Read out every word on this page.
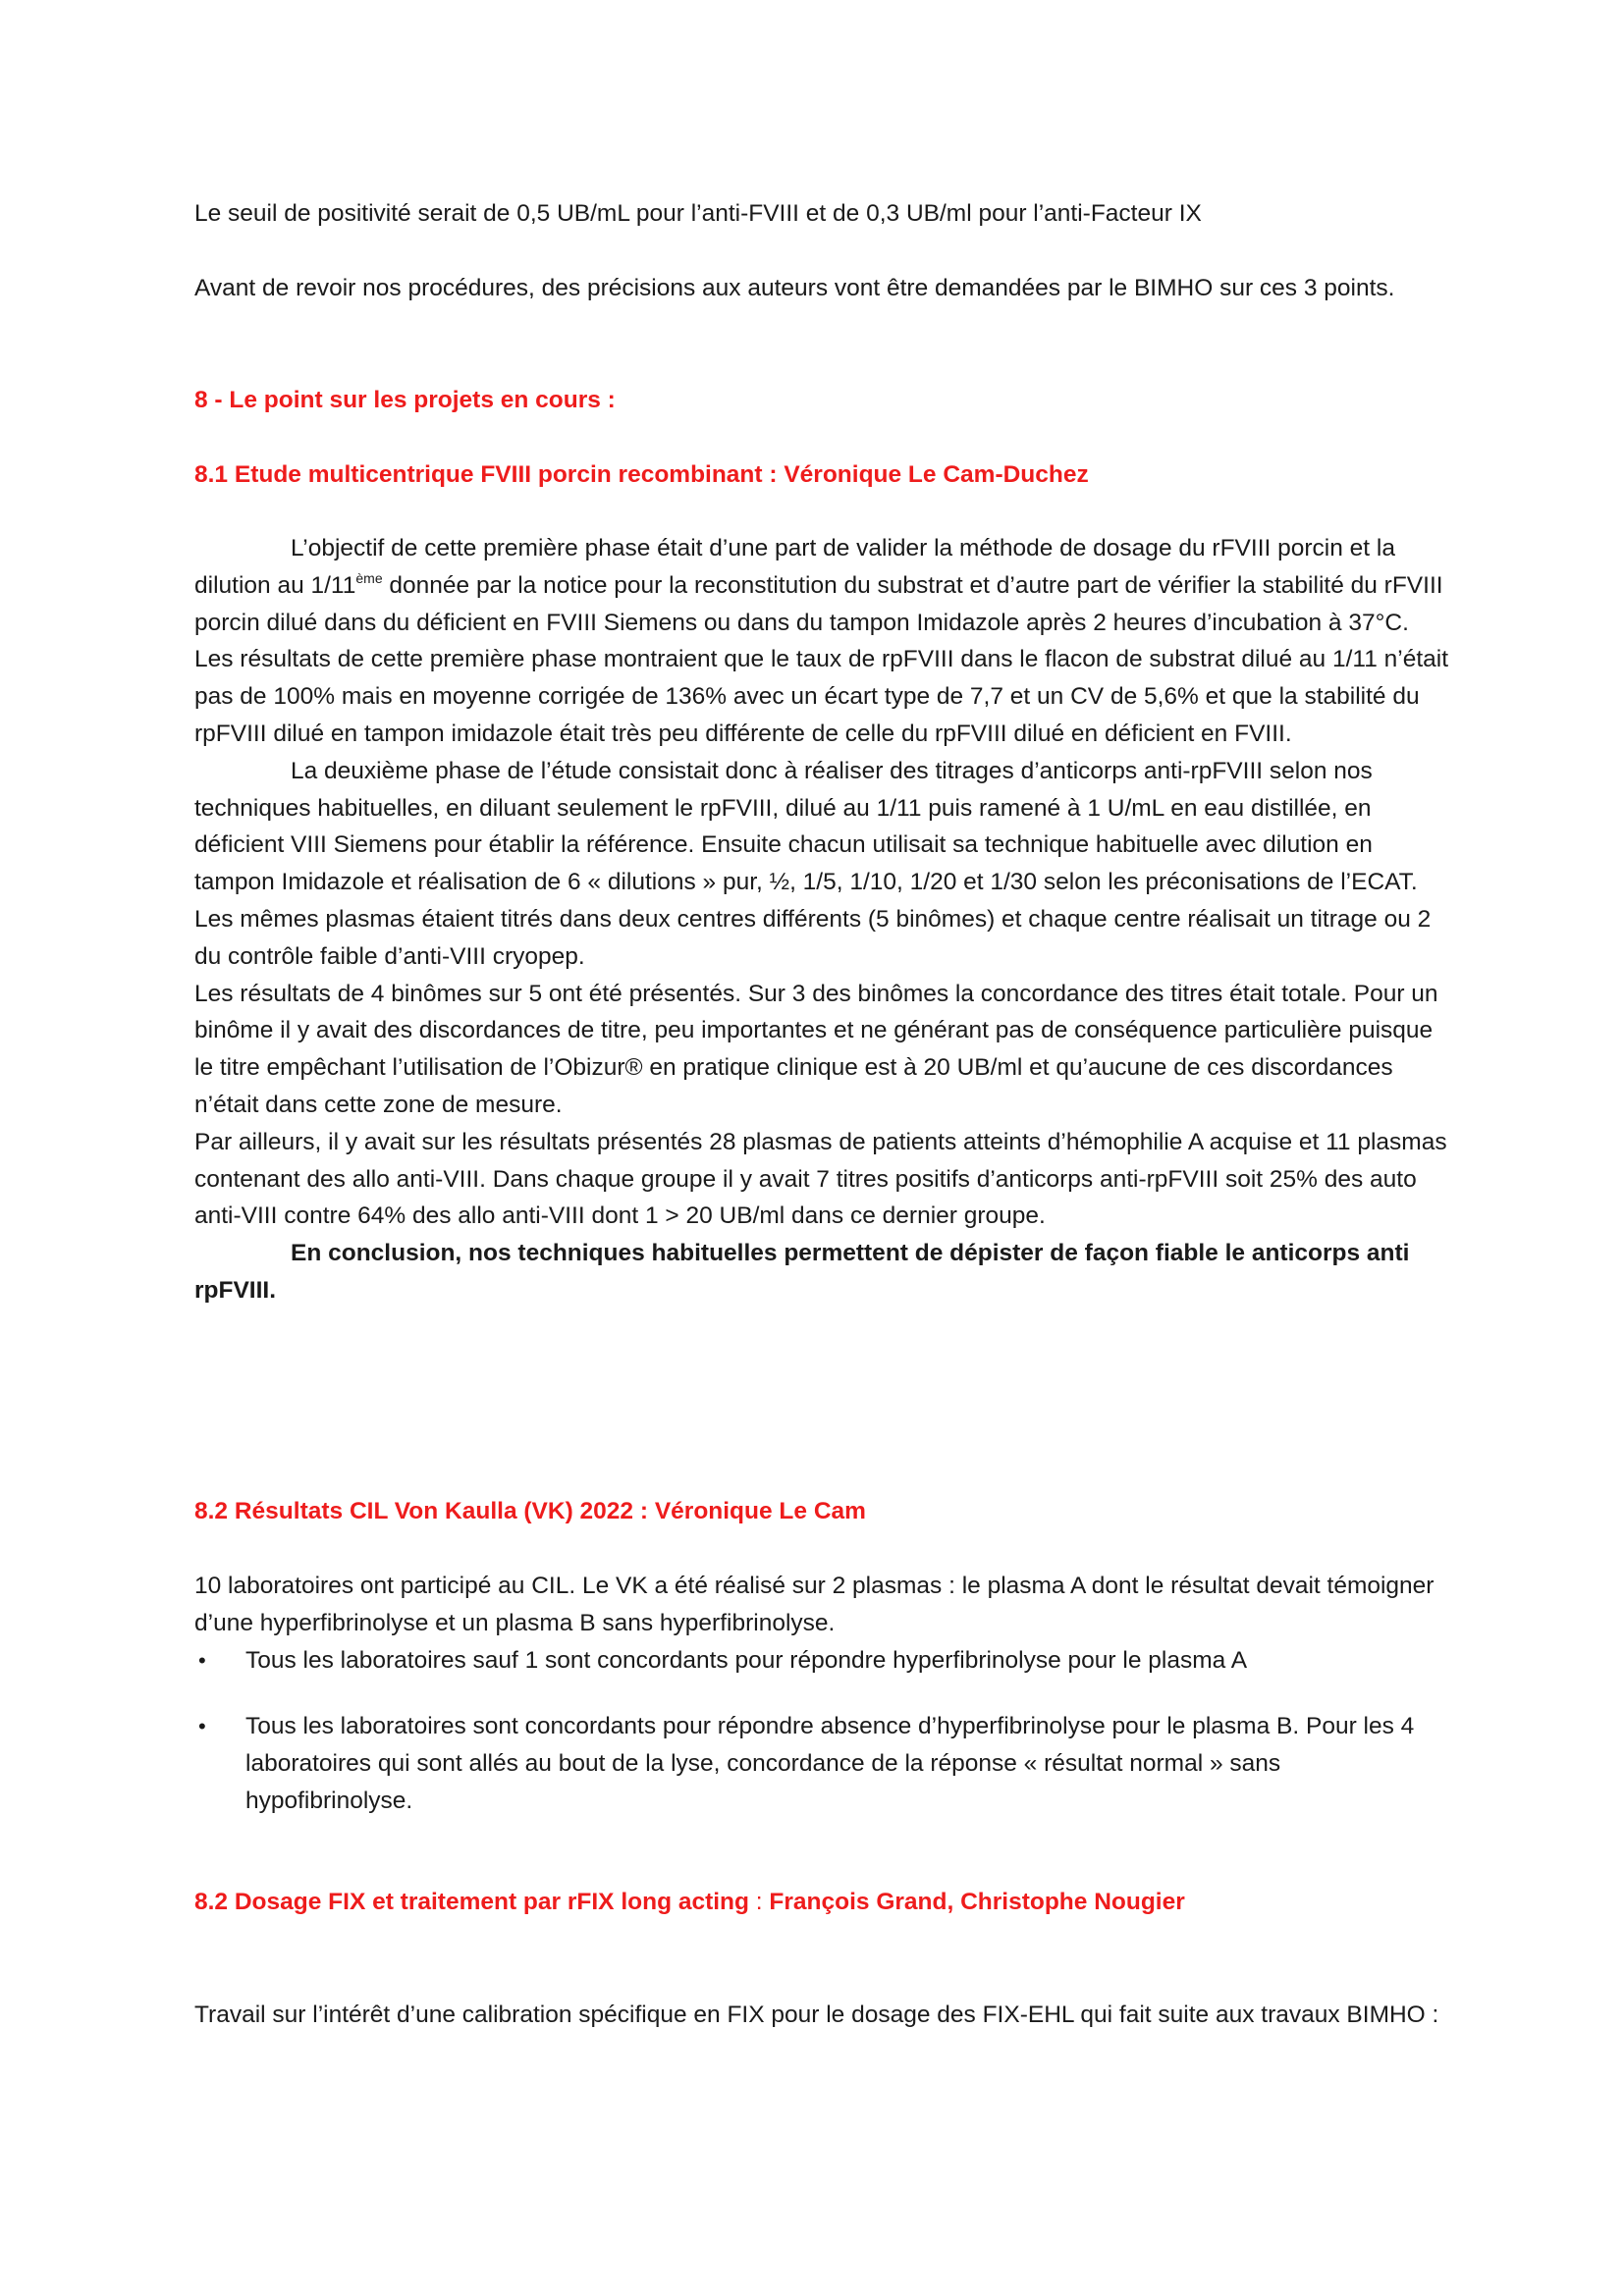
Le seuil de positivité serait de 0,5 UB/mL pour l’anti-FVIII et de 0,3 UB/ml pour l’anti-Facteur IX

Avant de revoir nos procédures, des précisions aux auteurs vont être demandées par le BIMHO sur ces 3 points.

8 - Le point sur les projets en cours :

8.1 Etude multicentrique FVIII porcin recombinant : Véronique Le Cam-Duchez

L’objectif de cette première phase était d’une part de valider la méthode de dosage du rFVIII porcin et la dilution au 1/11ème donnée par la notice pour la reconstitution du substrat et d’autre part de vérifier la stabilité du rFVIII porcin dilué dans du déficient en FVIII Siemens ou dans du tampon Imidazole après 2 heures d’incubation à 37°C.

Les résultats de cette première phase montraient que le taux de rpFVIII dans le flacon de substrat dilué au 1/11 n’était pas de 100% mais en moyenne corrigée de 136% avec un écart type de 7,7 et un CV de 5,6% et que la stabilité du rpFVIII dilué en tampon imidazole était très peu différente de celle du rpFVIII dilué en déficient en FVIII.

La deuxième phase de l’étude consistait donc à réaliser des titrages d’anticorps anti-rpFVIII selon nos techniques habituelles, en diluant seulement le rpFVIII, dilué au 1/11 puis ramené à 1 U/mL en eau distillée, en déficient VIII Siemens pour établir la référence. Ensuite chacun utilisait sa technique habituelle avec dilution en tampon Imidazole et réalisation de 6 « dilutions » pur, ½, 1/5, 1/10, 1/20 et 1/30 selon les préconisations de l’ECAT.

Les mêmes plasmas étaient titrés dans deux centres différents (5 binômes) et chaque centre réalisait un titrage ou 2 du contrôle faible d’anti-VIII cryopep.

Les résultats de 4 binômes sur 5 ont été présentés. Sur 3 des binômes la concordance des titres était totale. Pour un binôme il y avait des discordances de titre, peu importantes et ne générant pas de conséquence particulière puisque le titre empêchant l’utilisation de l’Obizur® en pratique clinique est à 20 UB/ml et qu’aucune de ces discordances n’était dans cette zone de mesure.

Par ailleurs, il y avait sur les résultats présentés 28 plasmas de patients atteints d’hémophilie A acquise et 11 plasmas contenant des allo anti-VIII. Dans chaque groupe il y avait 7 titres positifs d’anticorps anti-rpFVIII soit 25% des auto anti-VIII contre 64% des allo anti-VIII dont 1 > 20 UB/ml dans ce dernier groupe.

En conclusion, nos techniques habituelles permettent de dépister de façon fiable le anticorps anti rpFVIII.

8.2 Résultats CIL Von Kaulla (VK) 2022 : Véronique Le Cam

10 laboratoires ont participé au CIL. Le VK a été réalisé sur 2 plasmas : le plasma A dont le résultat devait témoigner d’une hyperfibrinolyse et un plasma B sans hyperfibrinolyse.

• Tous les laboratoires sauf 1 sont concordants pour répondre hyperfibrinolyse pour le plasma A
• Tous les laboratoires sont concordants pour répondre absence d’hyperfibrinolyse pour le plasma B. Pour les 4 laboratoires qui sont allés au bout de la lyse, concordance de la réponse « résultat normal » sans hypofibrinolyse.

8.2 Dosage FIX et traitement par rFIX long acting : François Grand, Christophe Nougier

Travail sur l’intérêt d’une calibration spécifique en FIX pour le dosage des FIX-EHL qui fait suite aux travaux BIMHO :
